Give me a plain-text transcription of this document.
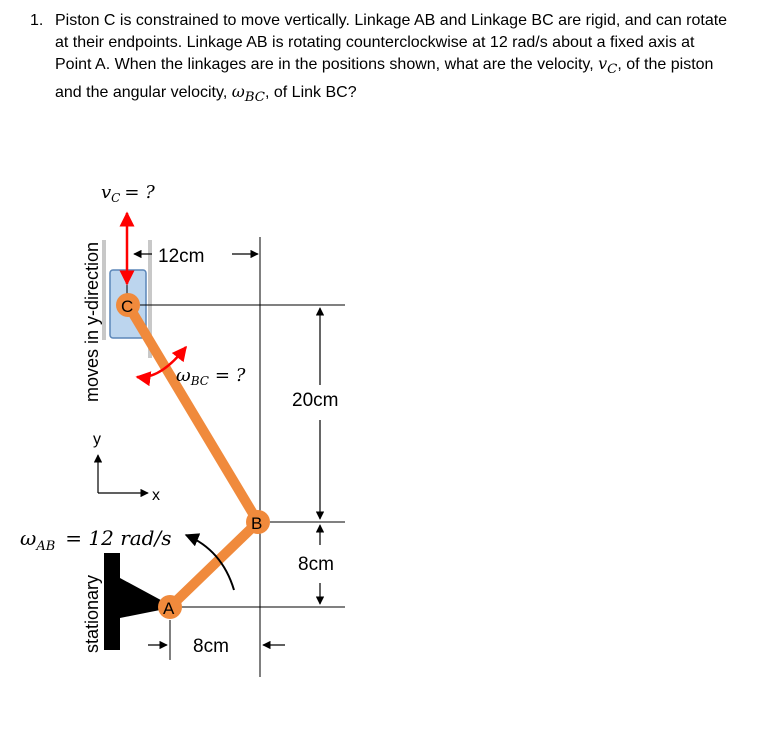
1. Piston C is constrained to move vertically. Linkage AB and Linkage BC are rigid, and can rotate at their endpoints. Linkage AB is rotating counterclockwise at 12 rad/s about a fixed axis at Point A. When the linkages are in the positions shown, what are the velocity, $v_C$, of the piston and the angular velocity, $\omega_{BC}$, of Link BC?
12cm
20cm
8cm
8cm
$v_C$ = ?
$\omega_{BC}$ = ?
$\omega_{AB} = 12$ rad/s
C
B
A
y
x
moves in y-direction
stationary
